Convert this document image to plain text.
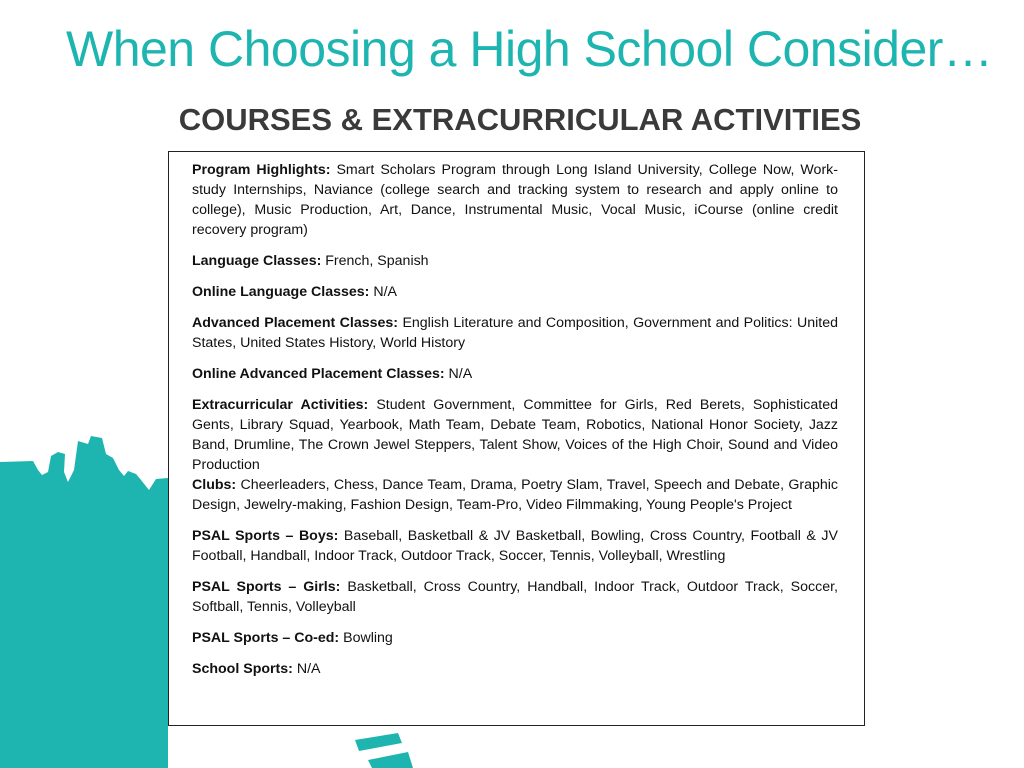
When Choosing a High School Consider…
COURSES & EXTRACURRICULAR ACTIVITIES

Program Highlights: Smart Scholars Program through Long Island University, College Now, Work-study Internships, Naviance (college search and tracking system to research and apply online to college), Music Production, Art, Dance, Instrumental Music, Vocal Music, iCourse (online credit recovery program)

Language Classes: French, Spanish

Online Language Classes: N/A

Advanced Placement Classes: English Literature and Composition, Government and Politics: United States, United States History, World History

Online Advanced Placement Classes: N/A

Extracurricular Activities: Student Government, Committee for Girls, Red Berets, Sophisticated Gents, Library Squad, Yearbook, Math Team, Debate Team, Robotics, National Honor Society, Jazz Band, Drumline, The Crown Jewel Steppers, Talent Show, Voices of the High Choir, Sound and Video Production
Clubs: Cheerleaders, Chess, Dance Team, Drama, Poetry Slam, Travel, Speech and Debate, Graphic Design, Jewelry-making, Fashion Design, Team-Pro, Video Filmmaking, Young People's Project

PSAL Sports – Boys: Baseball, Basketball & JV Basketball, Bowling, Cross Country, Football & JV Football, Handball, Indoor Track, Outdoor Track, Soccer, Tennis, Volleyball, Wrestling

PSAL Sports – Girls: Basketball, Cross Country, Handball, Indoor Track, Outdoor Track, Soccer, Softball, Tennis, Volleyball

PSAL Sports – Co-ed: Bowling

School Sports: N/A
